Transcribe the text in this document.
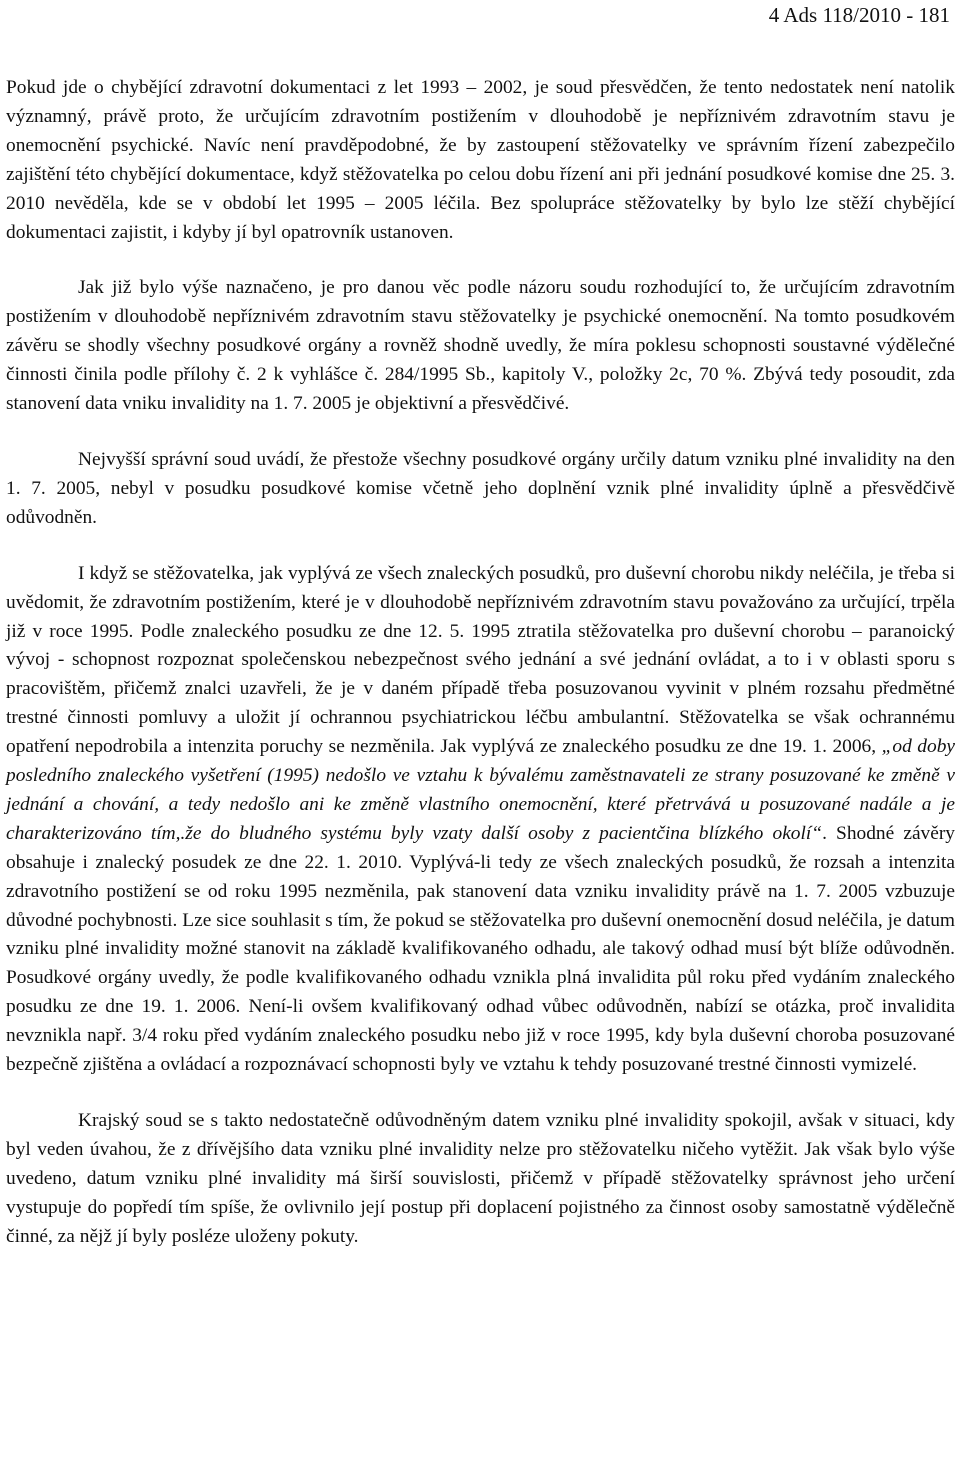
4 Ads 118/2010 - 181

Pokud jde o chybějící zdravotní dokumentaci z let 1993 – 2002, je soud přesvědčen, že tento nedostatek není natolik významný, právě proto, že určujícím zdravotním postižením v dlouhodobě je nepříznivém zdravotním stavu je onemocnění psychické. Navíc není pravděpodobné, že by zastoupení stěžovatelky ve správním řízení zabezpečilo zajištění této chybějící dokumentace, když stěžovatelka po celou dobu řízení ani při jednání posudkové komise dne 25. 3. 2010 nevěděla, kde se v období let 1995 – 2005 léčila. Bez spolupráce stěžovatelky by bylo lze stěží chybějící dokumentaci zajistit, i kdyby jí byl opatrovník ustanoven.

Jak již bylo výše naznačeno, je pro danou věc podle názoru soudu rozhodující to, že určujícím zdravotním postižením v dlouhodobě nepříznivém zdravotním stavu stěžovatelky je psychické onemocnění. Na tomto posudkovém závěru se shodly všechny posudkové orgány a rovněž shodně uvedly, že míra poklesu schopnosti soustavné výdělečné činnosti činila podle přílohy č. 2 k vyhlášce č. 284/1995 Sb., kapitoly V., položky 2c, 70 %. Zbývá tedy posoudit, zda stanovení data vniku invalidity na 1. 7. 2005 je objektivní a přesvědčivé.

Nejvyšší správní soud uvádí, že přestože všechny posudkové orgány určily datum vzniku plné invalidity na den 1. 7. 2005, nebyl v posudku posudkové komise včetně jeho doplnění vznik plné invalidity úplně a přesvědčivě odůvodněn.

I když se stěžovatelka, jak vyplývá ze všech znaleckých posudků, pro duševní chorobu nikdy neléčila, je třeba si uvědomit, že zdravotním postižením, které je v dlouhodobě nepříznivém zdravotním stavu považováno za určující, trpěla již v roce 1995. Podle znaleckého posudku ze dne 12. 5. 1995 ztratila stěžovatelka pro duševní chorobu – paranoický vývoj - schopnost rozpoznat společenskou nebezpečnost svého jednání a své jednání ovládat, a to i v oblasti sporu s pracovištěm, přičemž znalci uzavřeli, že je v daném případě třeba posuzovanou vyvinit v plném rozsahu předmětné trestné činnosti pomluvy a uložit jí ochrannou psychiatrickou léčbu ambulantní. Stěžovatelka se však ochrannému opatření nepodrobila a intenzita poruchy se nezměnila. Jak vyplývá ze znaleckého posudku ze dne 19. 1. 2006, „od doby posledního znaleckého vyšetření (1995) nedošlo ve vztahu k bývalému zaměstnavateli ze strany posuzované ke změně v jednání a chování, a tedy nedošlo ani ke změně vlastního onemocnění, které přetrvává u posuzované nadále a je charakterizováno tím,.že do bludného systému byly vzaty další osoby z pacientčina blízkého okolí“. Shodné závěry obsahuje i znalecký posudek ze dne 22. 1. 2010. Vyplývá-li tedy ze všech znaleckých posudků, že rozsah a intenzita zdravotního postižení se od roku 1995 nezměnila, pak stanovení data vzniku invalidity právě na 1. 7. 2005 vzbuzuje důvodné pochybnosti. Lze sice souhlasit s tím, že pokud se stěžovatelka pro duševní onemocnění dosud neléčila, je datum vzniku plné invalidity možné stanovit na základě kvalifikovaného odhadu, ale takový odhad musí být blíže odůvodněn. Posudkové orgány uvedly, že podle kvalifikovaného odhadu vznikla plná invalidita půl roku před vydáním znaleckého posudku ze dne 19. 1. 2006. Není-li ovšem kvalifikovaný odhad vůbec odůvodněn, nabízí se otázka, proč invalidita nevznikla např. 3/4 roku před vydáním znaleckého posudku nebo již v roce 1995, kdy byla duševní choroba posuzované bezpečně zjištěna a ovládací a rozpoznávací schopnosti byly ve vztahu k tehdy posuzované trestné činnosti vymizelé.

Krajský soud se s takto nedostatečně odůvodněným datem vzniku plné invalidity spokojil, avšak v situaci, kdy byl veden úvahou, že z dřívějšího data vzniku plné invalidity nelze pro stěžovatelku ničeho vytěžit. Jak však bylo výše uvedeno, datum vzniku plné invalidity má širší souvislosti, přičemž v případě stěžovatelky správnost jeho určení vystupuje do popředí tím spíše, že ovlivnilo její postup při doplacení pojistného za činnost osoby samostatně výdělečně činné, za nějž jí byly posléze uloženy pokuty.
